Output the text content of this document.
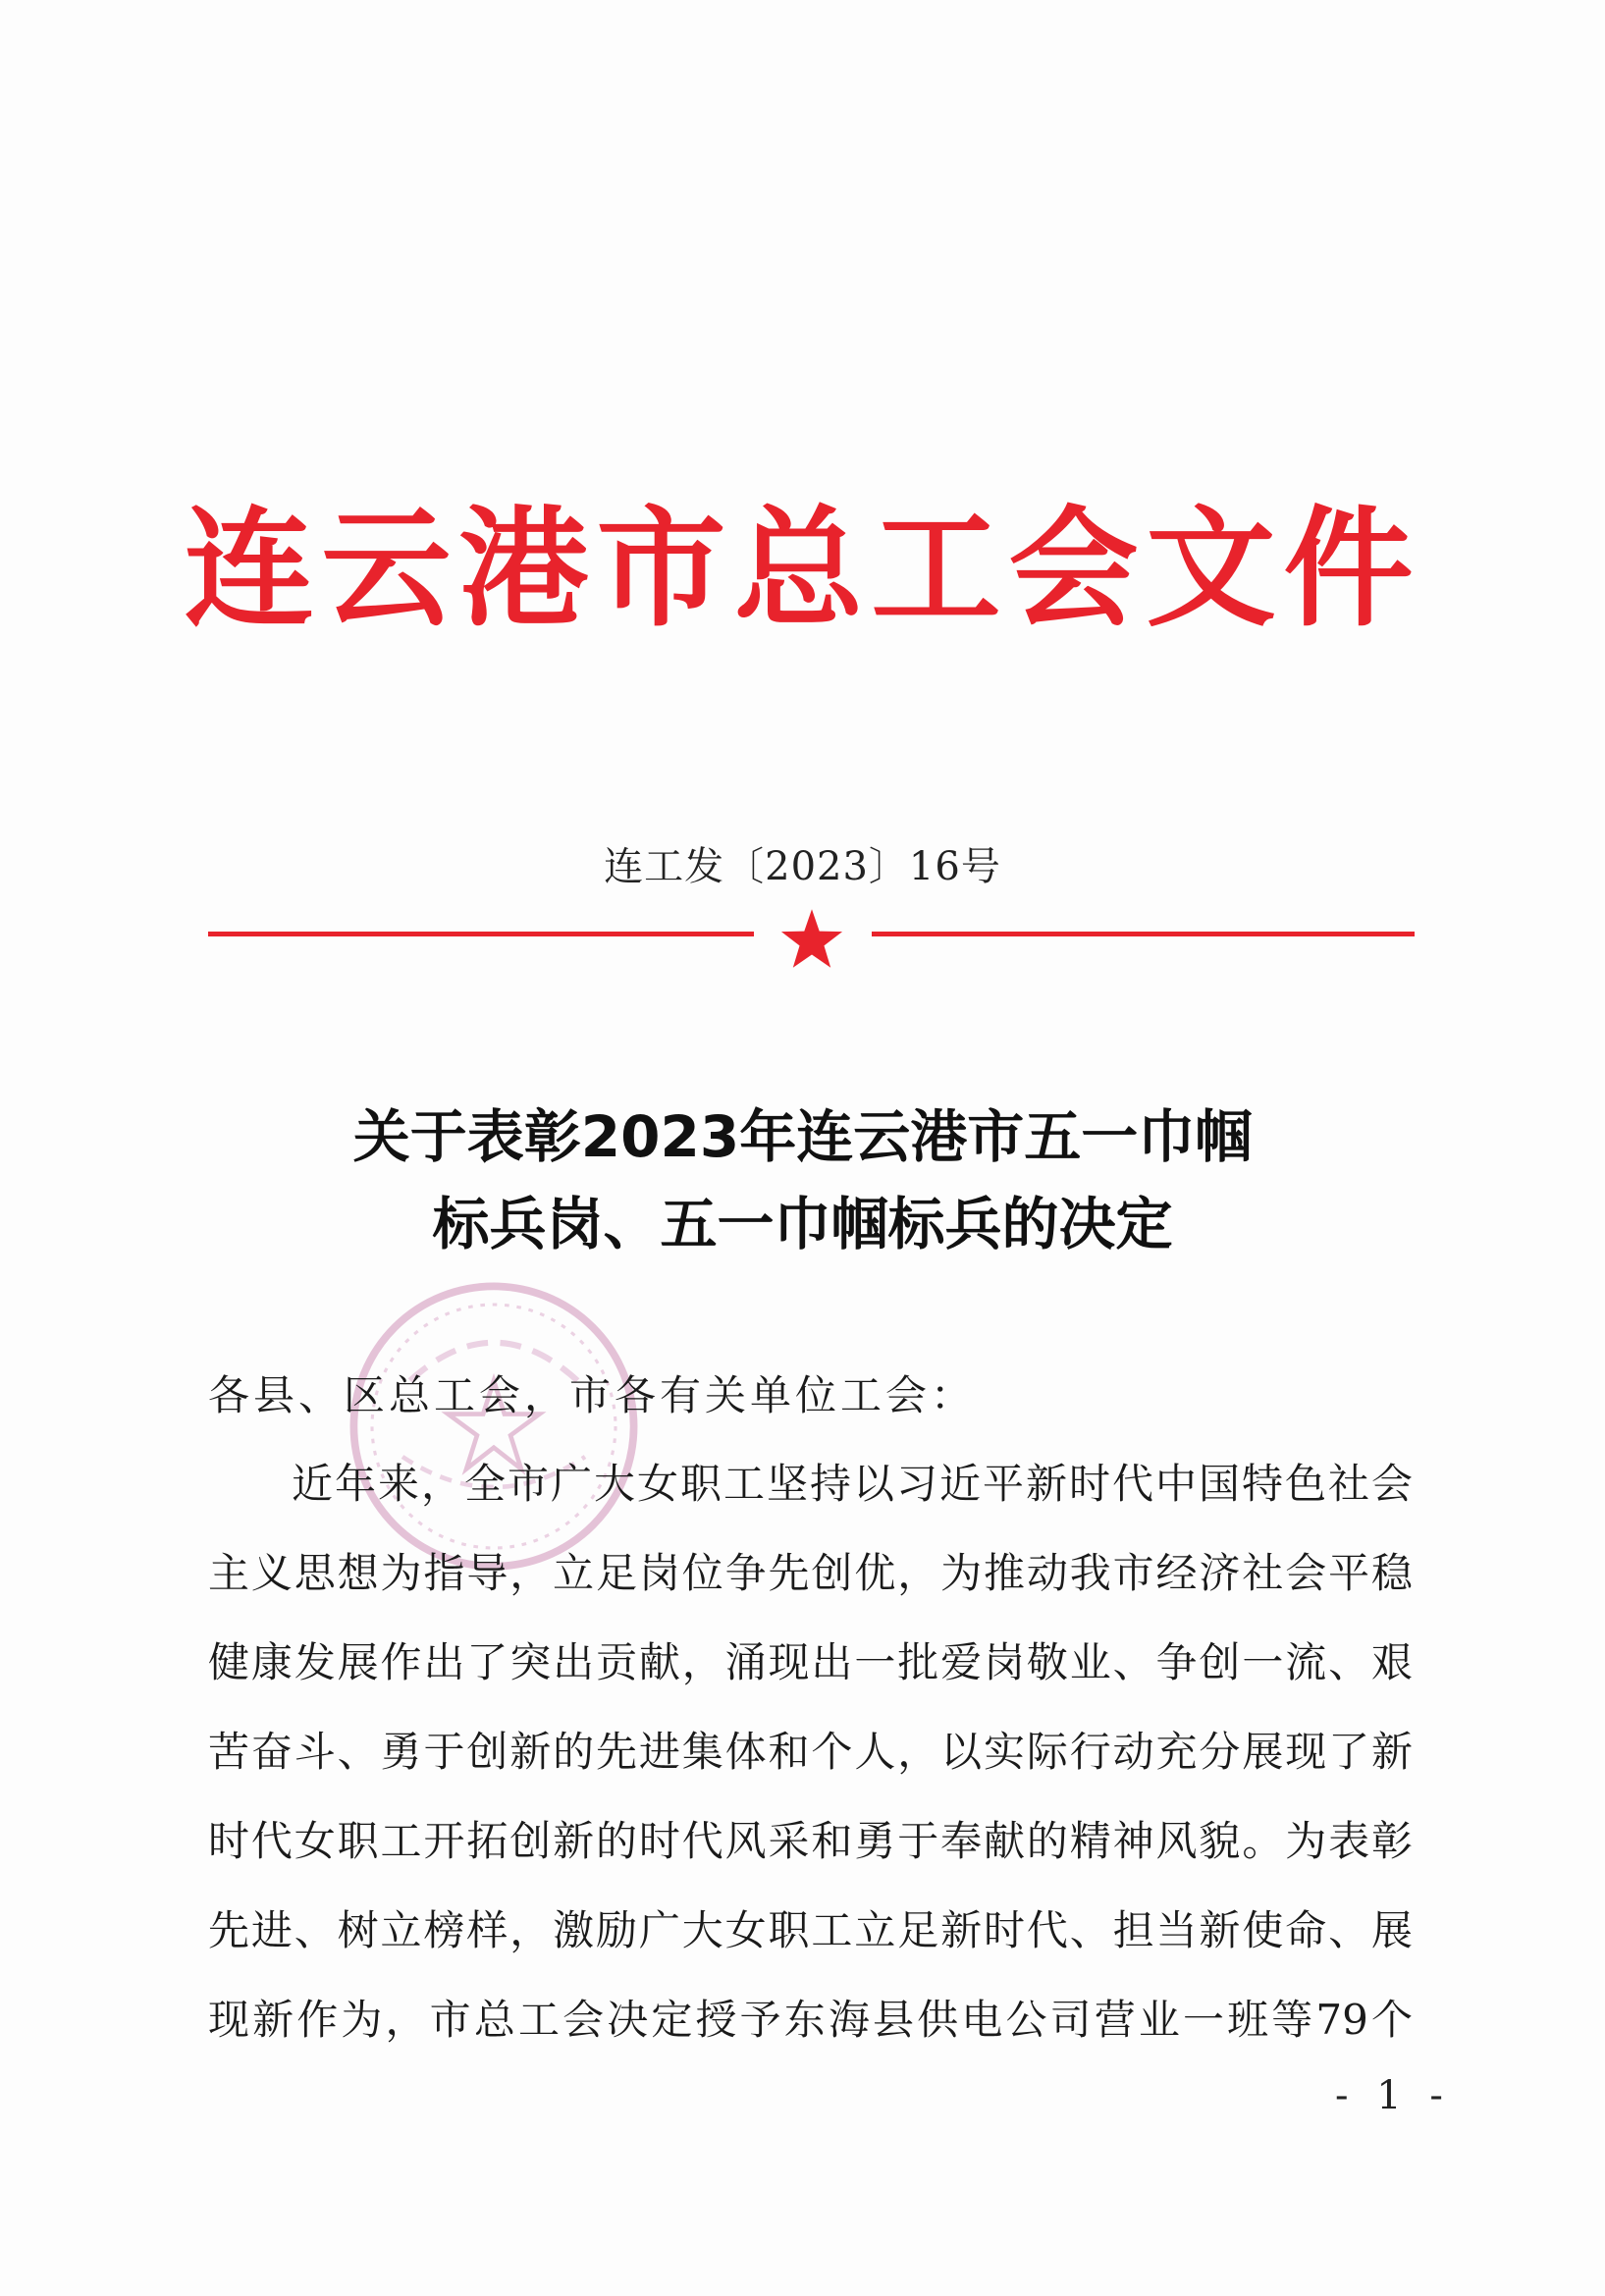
连云港市总工会文件
连工发〔2023〕16号
关于表彰2023年连云港市五一巾帼
标兵岗、五一巾帼标兵的决定
各县、区总工会，市各有关单位工会：
近年来，全市广大女职工坚持以习近平新时代中国特色社会
主义思想为指导，立足岗位争先创优，为推动我市经济社会平稳
健康发展作出了突出贡献，涌现出一批爱岗敬业、争创一流、艰
苦奋斗、勇于创新的先进集体和个人，以实际行动充分展现了新
时代女职工开拓创新的时代风采和勇于奉献的精神风貌。为表彰
先进、树立榜样，激励广大女职工立足新时代、担当新使命、展
现新作为，市总工会决定授予东海县供电公司营业一班等79个
- 1 -
